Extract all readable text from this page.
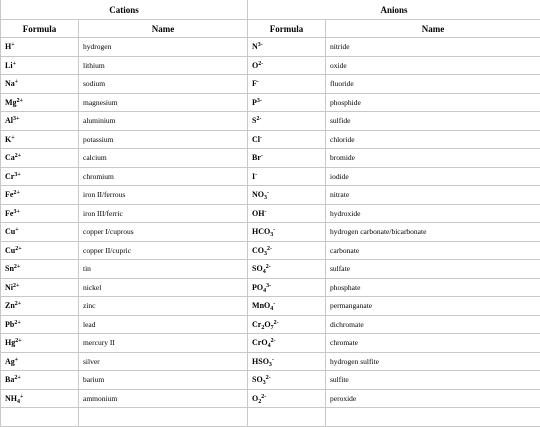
Cations		Anions	
Formula	Name	Formula	Name
H+	hydrogen	$N^{3-}$	nitride
Li+	lithium	$O^{2-}$	oxide
Na+	sodium	F-	fluoride
$Mg^{2+}$	magnesium	$P^{3-}$	phosphide
$Al^{3+}$	aluminium	$S^{2-}$	sulfide
K+	potassium	Cl-	chloride
$Ca^{2+}$	calcium	Br-	bromide
$Cr^{3+}$	chromium	I-	iodide
$Fe^{2+}$	iron II/ferrous	$NO_3^-$	nitrate
$Fe^{3+}$	iron III/ferric	OH-	hydroxide
Cu+	copper I/cuprous	$HCO_3^-$	hydrogen carbonate/bicarbonate
$Cu^{2+}$	copper II/cupric	$CO_3^{2-}$	carbonate
$Sn^{2+}$	tin	$SO_4^{2-}$	sulfate
$Ni^{2+}$	nickel	$PO_4^{3-}$	phosphate
$Zn^{2+}$	zinc	MnO$_4$-	permanganate
$Pb^{2+}$	lead	$Cr_2O_7^{2-}$	dichromate
$Hg^{2+}$	mercury II	CrO$_4^{2-}$	chromate
Ag+	silver	$HSO_3^-$	hydrogen sulfite
$Ba^{2+}$	barium	$SO_3^{2-}$	sulfite
$NH_4^+$	ammonium	$O_2^{2-}$	peroxide
